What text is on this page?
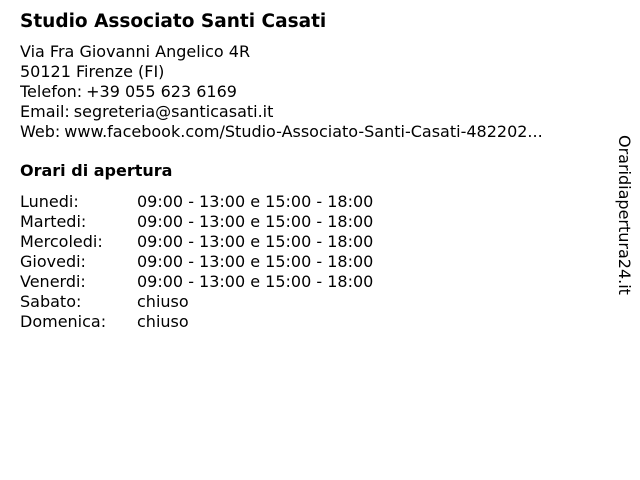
Studio Associato Santi Casati
Via Fra Giovanni Angelico 4R
50121 Firenze (FI)
Telefon: +39 055 623 6169
Email: segreteria@santicasati.it
Web: www.facebook.com/Studio-Associato-Santi-Casati-482202...
Orari di apertura
Lunedi:	09:00 - 13:00 e 15:00 - 18:00
Martedi:	09:00 - 13:00 e 15:00 - 18:00
Mercoledi:	09:00 - 13:00 e 15:00 - 18:00
Giovedi:	09:00 - 13:00 e 15:00 - 18:00
Venerdi:	09:00 - 13:00 e 15:00 - 18:00
Sabato:	chiuso
Domenica:	chiuso
Oraridiapertura24.it
